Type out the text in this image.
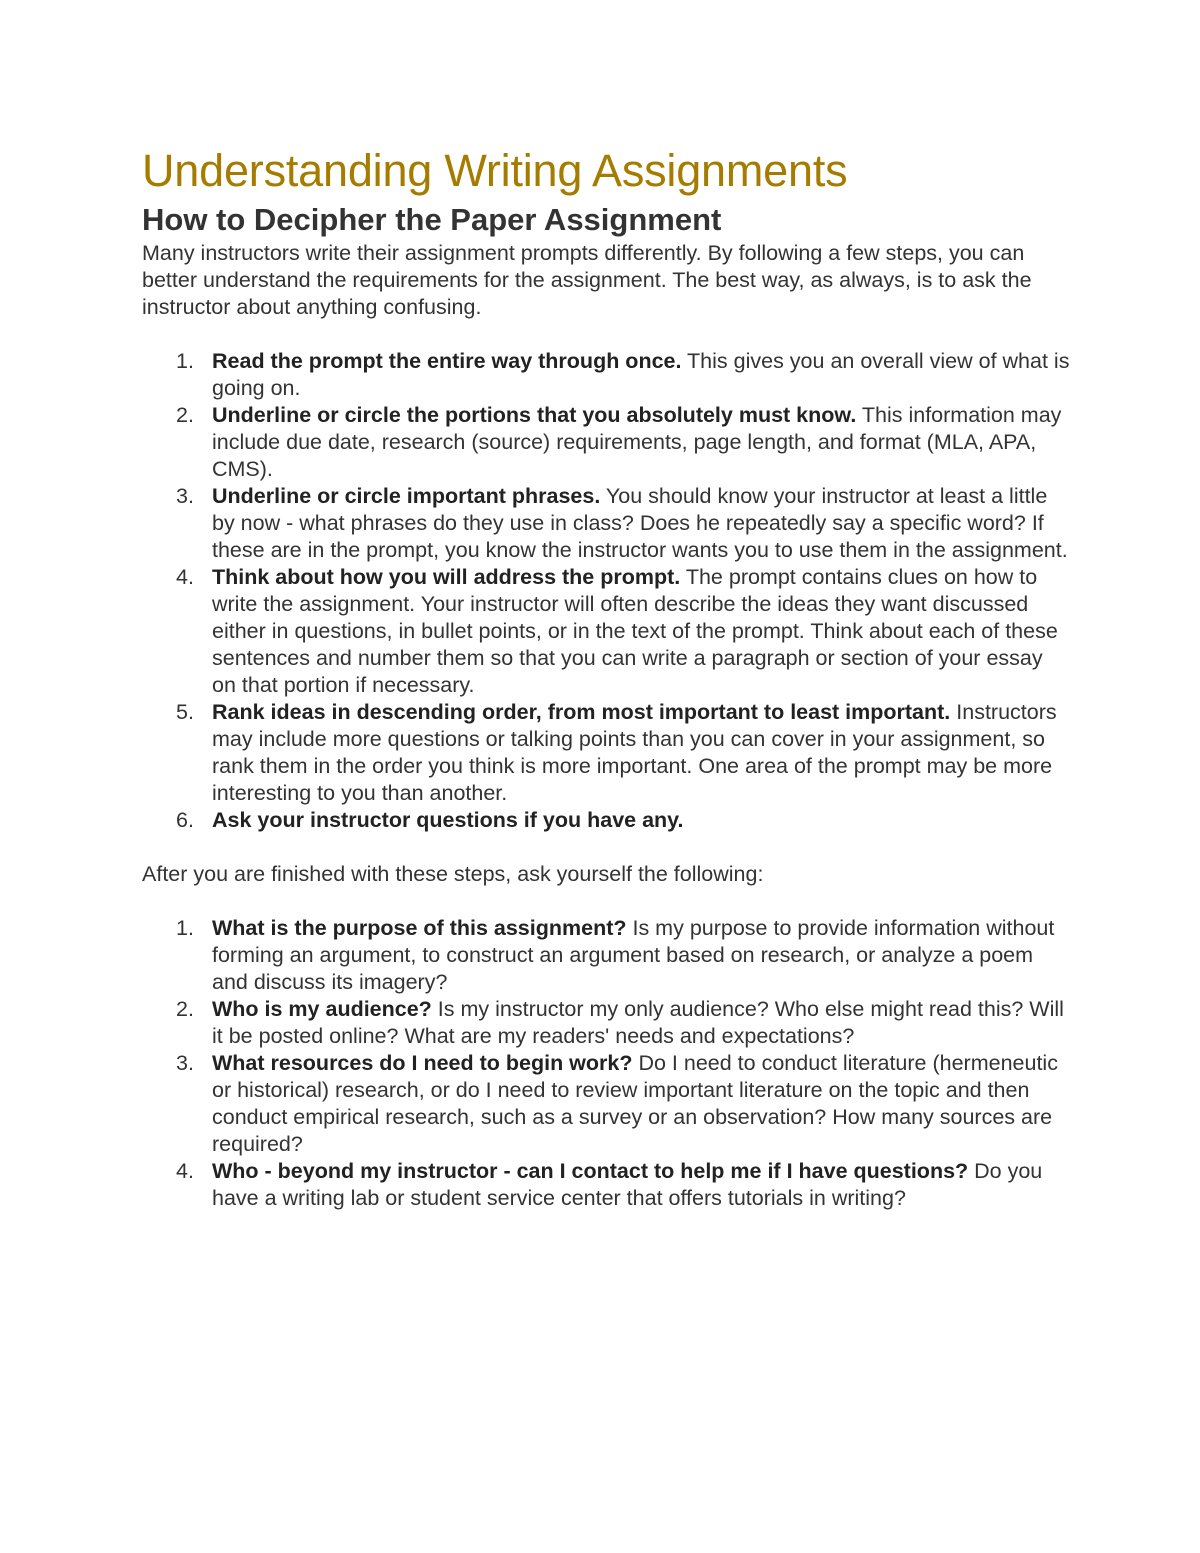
Understanding Writing Assignments
How to Decipher the Paper Assignment

Many instructors write their assignment prompts differently. By following a few steps, you can better understand the requirements for the assignment. The best way, as always, is to ask the instructor about anything confusing.

1. Read the prompt the entire way through once. This gives you an overall view of what is going on.
2. Underline or circle the portions that you absolutely must know. This information may include due date, research (source) requirements, page length, and format (MLA, APA, CMS).
3. Underline or circle important phrases. You should know your instructor at least a little by now - what phrases do they use in class? Does he repeatedly say a specific word? If these are in the prompt, you know the instructor wants you to use them in the assignment.
4. Think about how you will address the prompt. The prompt contains clues on how to write the assignment. Your instructor will often describe the ideas they want discussed either in questions, in bullet points, or in the text of the prompt. Think about each of these sentences and number them so that you can write a paragraph or section of your essay on that portion if necessary.
5. Rank ideas in descending order, from most important to least important. Instructors may include more questions or talking points than you can cover in your assignment, so rank them in the order you think is more important. One area of the prompt may be more interesting to you than another.
6. Ask your instructor questions if you have any.

After you are finished with these steps, ask yourself the following:

1. What is the purpose of this assignment? Is my purpose to provide information without forming an argument, to construct an argument based on research, or analyze a poem and discuss its imagery?
2. Who is my audience? Is my instructor my only audience? Who else might read this? Will it be posted online? What are my readers' needs and expectations?
3. What resources do I need to begin work? Do I need to conduct literature (hermeneutic or historical) research, or do I need to review important literature on the topic and then conduct empirical research, such as a survey or an observation? How many sources are required?
4. Who - beyond my instructor - can I contact to help me if I have questions? Do you have a writing lab or student service center that offers tutorials in writing?
